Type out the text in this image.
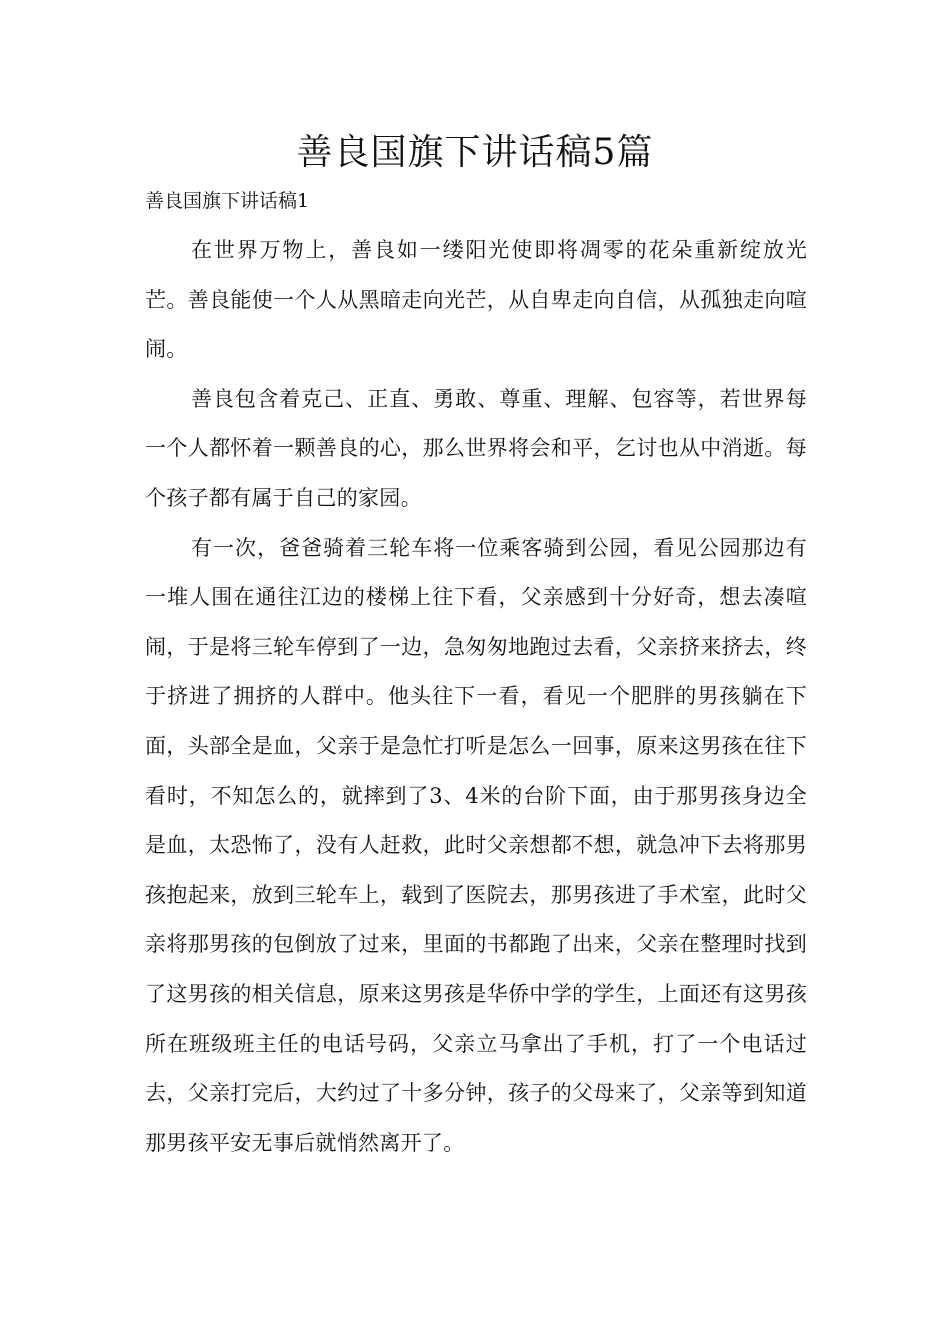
善良国旗下讲话稿5篇

善良国旗下讲话稿1

在世界万物上，善良如一缕阳光使即将凋零的花朵重新绽放光芒。善良能使一个人从黑暗走向光芒，从自卑走向自信，从孤独走向喧闹。

善良包含着克己、正直、勇敢、尊重、理解、包容等，若世界每一个人都怀着一颗善良的心，那么世界将会和平，乞讨也从中消逝。每个孩子都有属于自己的家园。

有一次，爸爸骑着三轮车将一位乘客骑到公园，看见公园那边有一堆人围在通往江边的楼梯上往下看，父亲感到十分好奇，想去凑喧闹，于是将三轮车停到了一边，急匆匆地跑过去看，父亲挤来挤去，终于挤进了拥挤的人群中。他头往下一看，看见一个肥胖的男孩躺在下面，头部全是血，父亲于是急忙打听是怎么一回事，原来这男孩在往下看时，不知怎么的，就摔到了3、4米的台阶下面，由于那男孩身边全是血，太恐怖了，没有人赶救，此时父亲想都不想，就急冲下去将那男孩抱起来，放到三轮车上，载到了医院去，那男孩进了手术室，此时父亲将那男孩的包倒放了过来，里面的书都跑了出来，父亲在整理时找到了这男孩的相关信息，原来这男孩是华侨中学的学生，上面还有这男孩所在班级班主任的电话号码，父亲立马拿出了手机，打了一个电话过去，父亲打完后，大约过了十多分钟，孩子的父母来了，父亲等到知道那男孩平安无事后就悄然离开了。
